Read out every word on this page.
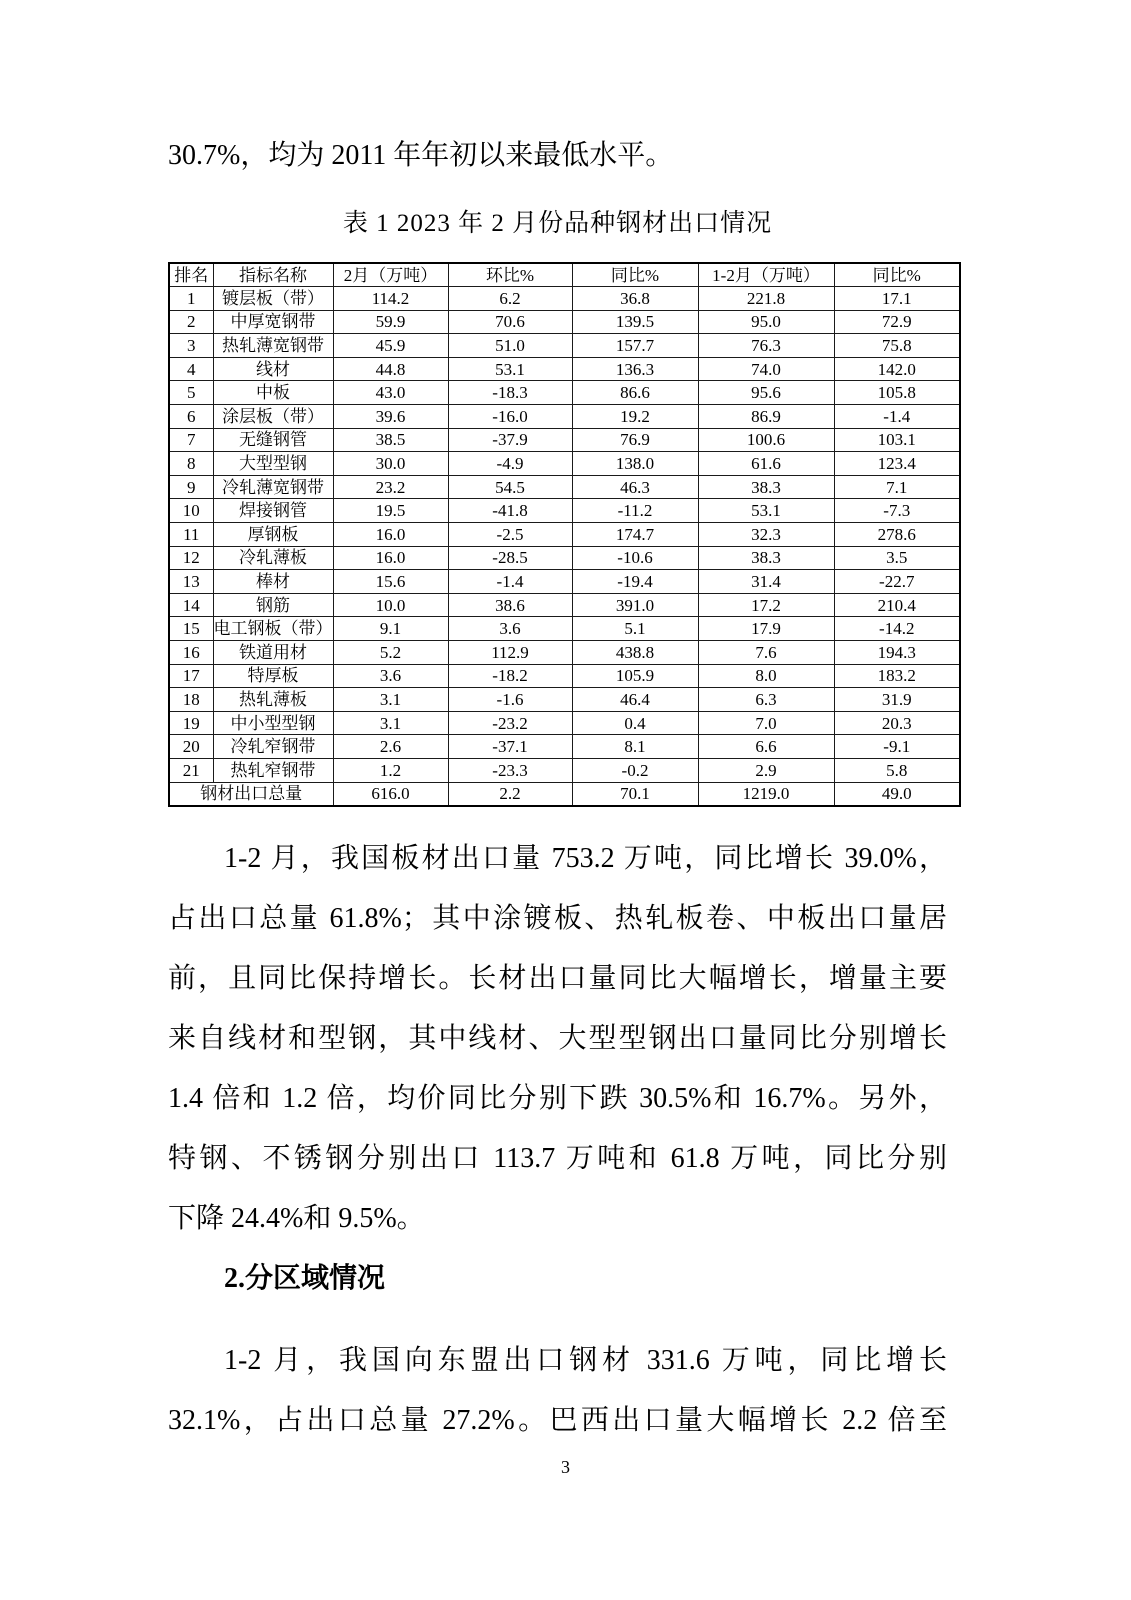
30.7%，均为 2011 年年初以来最低水平。

表 1 2023 年 2 月份品种钢材出口情况
排名	指标名称	2月（万吨）	环比%	同比%	1-2月（万吨）	同比%
1	镀层板（带）	114.2	6.2	36.8	221.8	17.1
2	中厚宽钢带	59.9	70.6	139.5	95.0	72.9
3	热轧薄宽钢带	45.9	51.0	157.7	76.3	75.8
4	线材	44.8	53.1	136.3	74.0	142.0
5	中板	43.0	-18.3	86.6	95.6	105.8
6	涂层板（带）	39.6	-16.0	19.2	86.9	-1.4
7	无缝钢管	38.5	-37.9	76.9	100.6	103.1
8	大型型钢	30.0	-4.9	138.0	61.6	123.4
9	冷轧薄宽钢带	23.2	54.5	46.3	38.3	7.1
10	焊接钢管	19.5	-41.8	-11.2	53.1	-7.3
11	厚钢板	16.0	-2.5	174.7	32.3	278.6
12	冷轧薄板	16.0	-28.5	-10.6	38.3	3.5
13	棒材	15.6	-1.4	-19.4	31.4	-22.7
14	钢筋	10.0	38.6	391.0	17.2	210.4
15	电工钢板（带）	9.1	3.6	5.1	17.9	-14.2
16	铁道用材	5.2	112.9	438.8	7.6	194.3
17	特厚板	3.6	-18.2	105.9	8.0	183.2
18	热轧薄板	3.1	-1.6	46.4	6.3	31.9
19	中小型型钢	3.1	-23.2	0.4	7.0	20.3
20	冷轧窄钢带	2.6	-37.1	8.1	6.6	-9.1
21	热轧窄钢带	1.2	-23.3	-0.2	2.9	5.8
钢材出口总量		616.0	2.2	70.1	1219.0	49.0
1-2 月，我国板材出口量 753.2 万吨，同比增长 39.0%，
占出口总量 61.8%；其中涂镀板、热轧板卷、中板出口量居
前，且同比保持增长。长材出口量同比大幅增长，增量主要
来自线材和型钢，其中线材、大型型钢出口量同比分别增长
1.4 倍和 1.2 倍，均价同比分别下跌 30.5%和 16.7%。另外，
特钢、不锈钢分别出口 113.7 万吨和 61.8 万吨，同比分别
下降 24.4%和 9.5%。
2.分区域情况
1-2 月，我国向东盟出口钢材 331.6 万吨，同比增长
32.1%，占出口总量 27.2%。巴西出口量大幅增长 2.2 倍至
3
